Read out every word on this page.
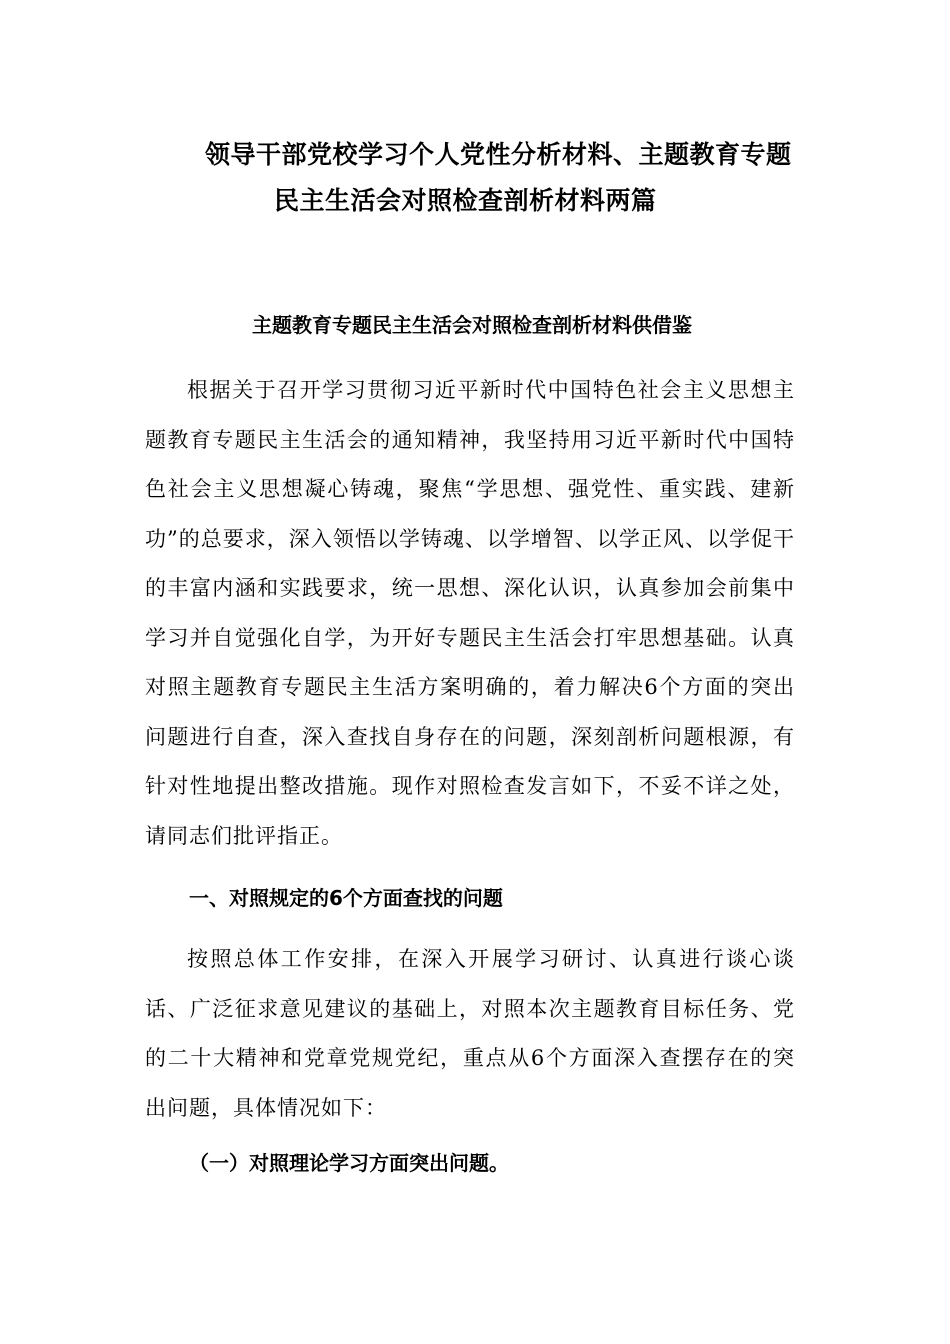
领导干部党校学习个人党性分析材料、主题教育专题
民主生活会对照检查剖析材料两篇
主题教育专题民主生活会对照检查剖析材料供借鉴

根据关于召开学习贯彻习近平新时代中国特色社会主义思想主题教育专题民主生活会的通知精神，我坚持用习近平新时代中国特色社会主义思想凝心铸魂，聚焦“学思想、强党性、重实践、建新功”的总要求，深入领悟以学铸魂、以学增智、以学正风、以学促干的丰富内涵和实践要求，统一思想、深化认识，认真参加会前集中学习并自觉强化自学，为开好专题民主生活会打牢思想基础。认真对照主题教育专题民主生活方案明确的，着力解决6个方面的突出问题进行自查，深入查找自身存在的问题，深刻剖析问题根源，有针对性地提出整改措施。现作对照检查发言如下，不妥不详之处，请同志们批评指正。

一、对照规定的6个方面查找的问题

按照总体工作安排，在深入开展学习研讨、认真进行谈心谈话、广泛征求意见建议的基础上，对照本次主题教育目标任务、党的二十大精神和党章党规党纪，重点从6个方面深入查摆存在的突出问题，具体情况如下：

（一）对照理论学习方面突出问题。
